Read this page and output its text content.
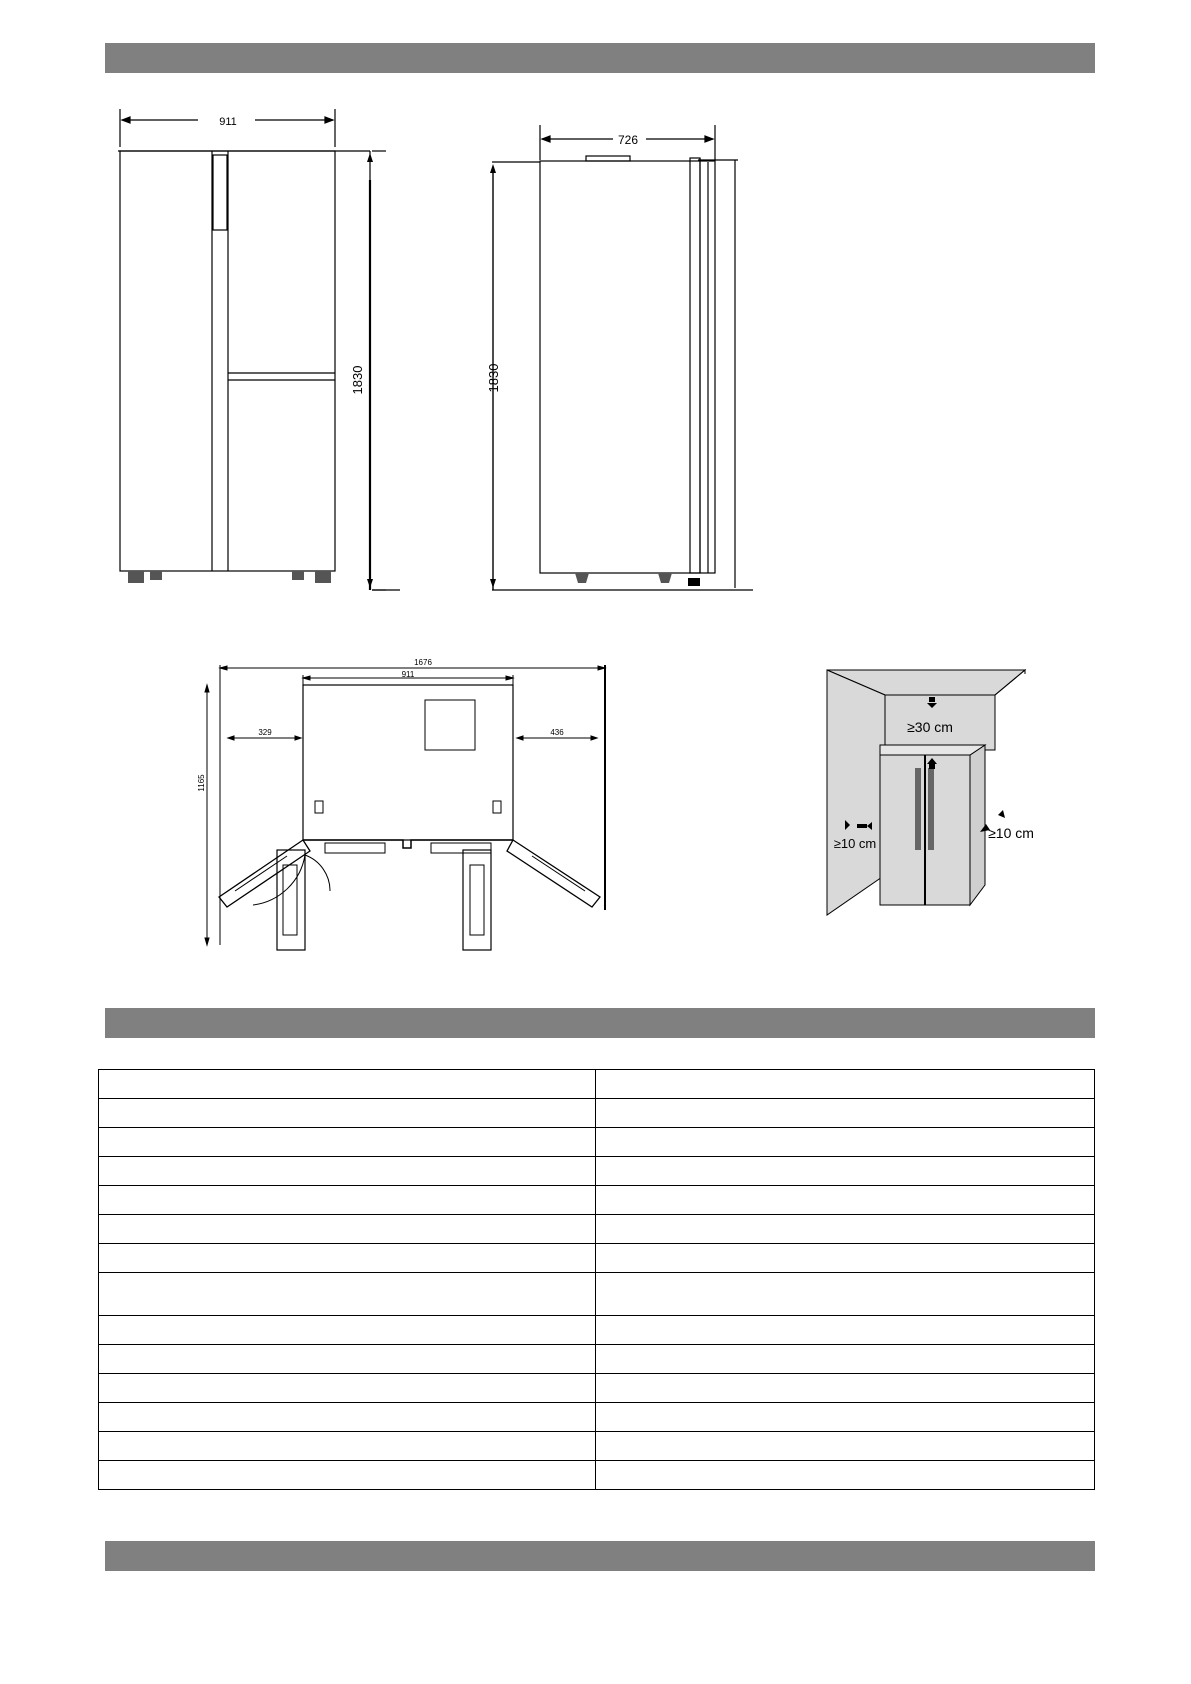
911
1830
726
1830
1676
911
329	436
1165
≥30 cm
≥10 cm
≥10 cm
